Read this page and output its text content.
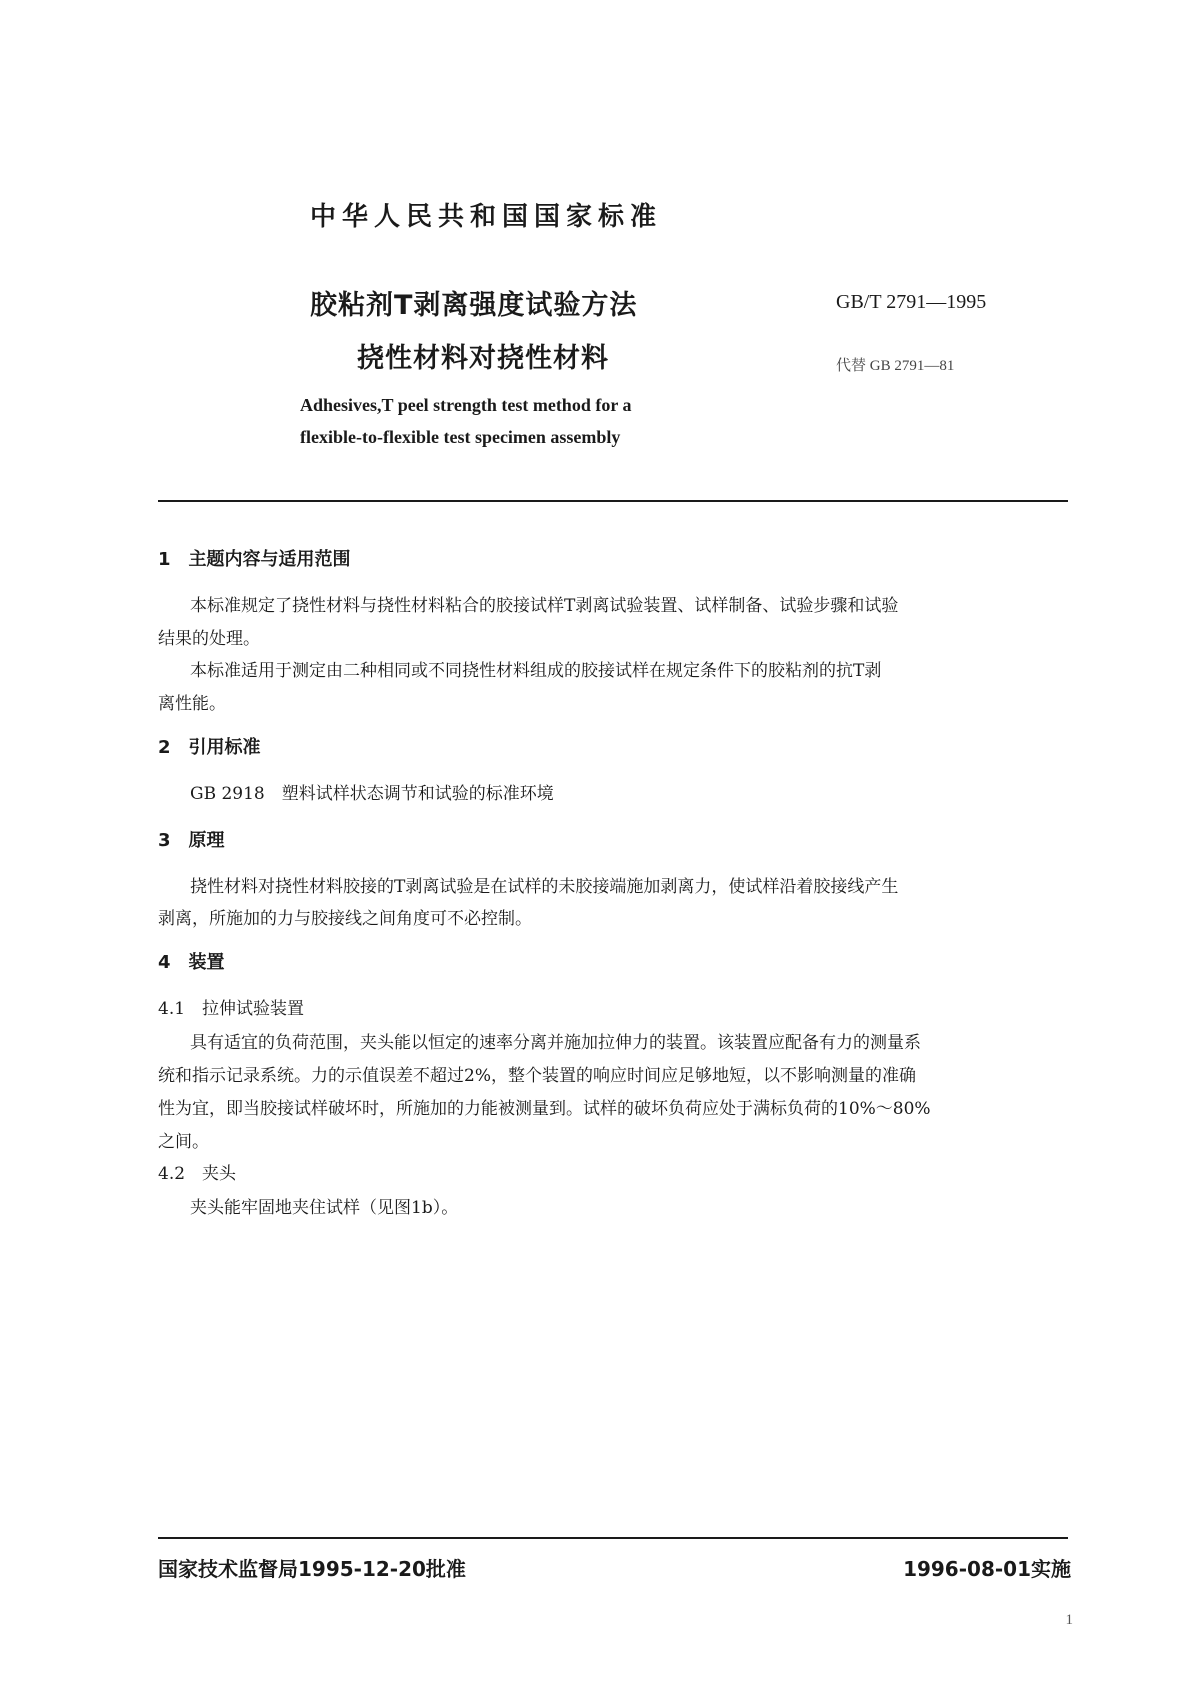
中华人民共和国国家标准
胶粘剂T剥离强度试验方法
挠性材料对挠性材料
GB/T 2791—1995
代替 GB 2791—81
Adhesives,T peel strength test method for a
flexible-to-flexible test specimen assembly
1　主题内容与适用范围
本标准规定了挠性材料与挠性材料粘合的胶接试样T剥离试验装置、试样制备、试验步骤和试验
结果的处理。
本标准适用于测定由二种相同或不同挠性材料组成的胶接试样在规定条件下的胶粘剂的抗T剥
离性能。
2　引用标准
GB 2918　塑料试样状态调节和试验的标准环境
3　原理
挠性材料对挠性材料胶接的T剥离试验是在试样的未胶接端施加剥离力，使试样沿着胶接线产生
剥离，所施加的力与胶接线之间角度可不必控制。
4　装置
4.1　拉伸试验装置
具有适宜的负荷范围，夹头能以恒定的速率分离并施加拉伸力的装置。该装置应配备有力的测量系
统和指示记录系统。力的示值误差不超过2%，整个装置的响应时间应足够地短，以不影响测量的准确
性为宜，即当胶接试样破坏时，所施加的力能被测量到。试样的破坏负荷应处于满标负荷的10%～80%
之间。
4.2　夹头
夹头能牢固地夹住试样（见图1b）。
国家技术监督局1995-12-20批准	1996-08-01实施
1
